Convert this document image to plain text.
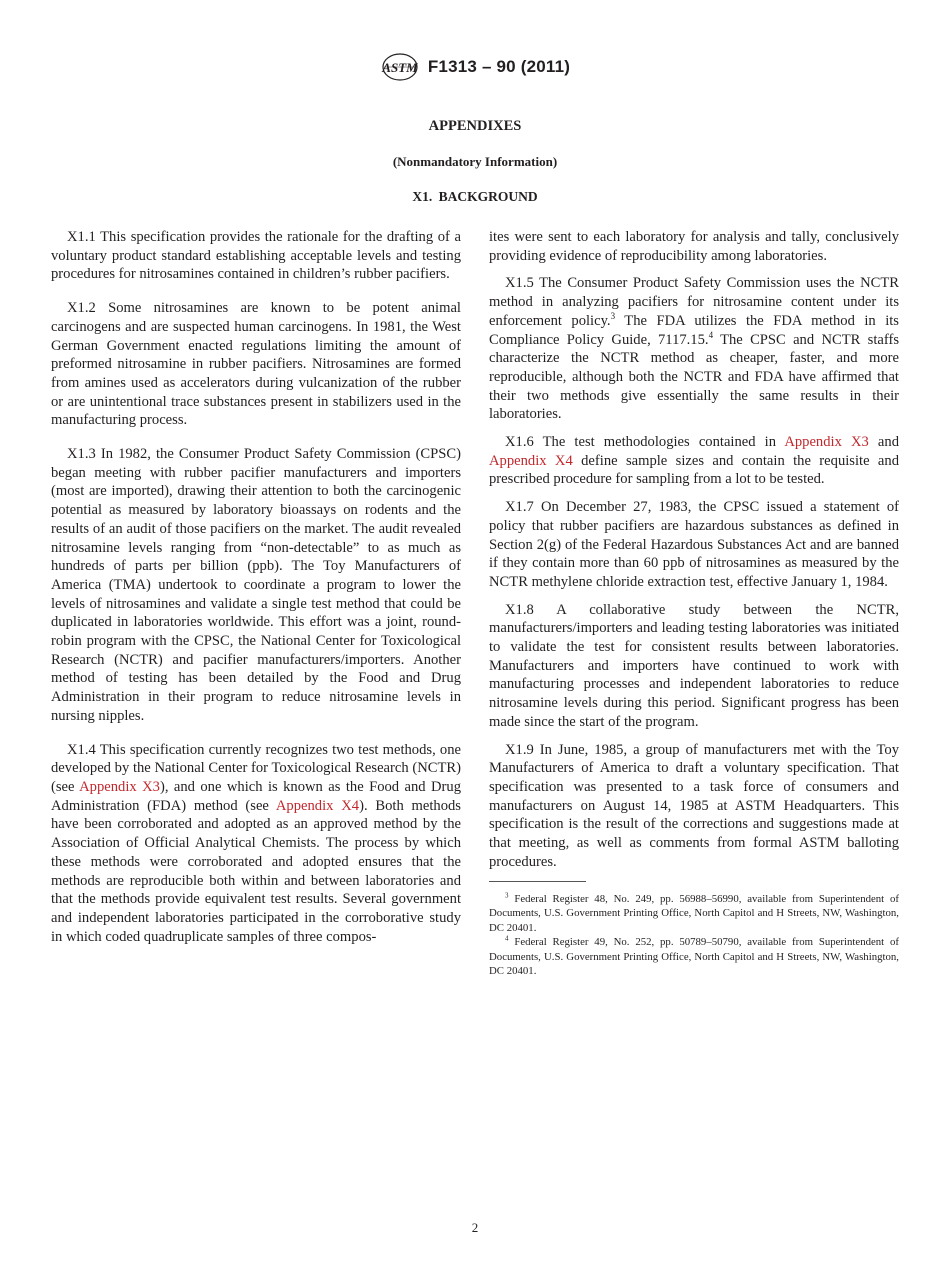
ASTM F1313 – 90 (2011)
APPENDIXES
(Nonmandatory Information)
X1. BACKGROUND

X1.1 This specification provides the rationale for the drafting of a voluntary product standard establishing acceptable levels and testing procedures for nitrosamines contained in children’s rubber pacifiers.

X1.2 Some nitrosamines are known to be potent animal carcinogens and are suspected human carcinogens. In 1981, the West German Government enacted regulations limiting the amount of preformed nitrosamine in rubber pacifiers. Nitrosamines are formed from amines used as accelerators during vulcanization of the rubber or are unintentional trace substances present in stabilizers used in the manufacturing process.

X1.3 In 1982, the Consumer Product Safety Commission (CPSC) began meeting with rubber pacifier manufacturers and importers (most are imported), drawing their attention to both the carcinogenic potential as measured by laboratory bioassays on rodents and the results of an audit of those pacifiers on the market. The audit revealed nitrosamine levels ranging from “non-detectable” to as much as hundreds of parts per billion (ppb). The Toy Manufacturers of America (TMA) undertook to coordinate a program to lower the levels of nitrosamines and validate a single test method that could be duplicated in laboratories worldwide. This effort was a joint, round-robin program with the CPSC, the National Center for Toxicological Research (NCTR) and pacifier manufacturers/importers. Another method of testing has been detailed by the Food and Drug Administration in their program to reduce nitrosamine levels in nursing nipples.

X1.4 This specification currently recognizes two test methods, one developed by the National Center for Toxicological Research (NCTR) (see Appendix X3), and one which is known as the Food and Drug Administration (FDA) method (see Appendix X4). Both methods have been corroborated and adopted as an approved method by the Association of Official Analytical Chemists. The process by which these methods were corroborated and adopted ensures that the methods are reproducible both within and between laboratories and that the methods provide equivalent test results. Several government and independent laboratories participated in the corroborative study in which coded quadruplicate samples of three compos-

ites were sent to each laboratory for analysis and tally, conclusively providing evidence of reproducibility among laboratories.

X1.5 The Consumer Product Safety Commission uses the NCTR method in analyzing pacifiers for nitrosamine content under its enforcement policy.$^3$ The FDA utilizes the FDA method in its Compliance Policy Guide, 7117.15.$^4$ The CPSC and NCTR staffs characterize the NCTR method as cheaper, faster, and more reproducible, although both the NCTR and FDA have affirmed that their two methods give essentially the same results in their laboratories.

X1.6 The test methodologies contained in Appendix X3 and Appendix X4 define sample sizes and contain the requisite and prescribed procedure for sampling from a lot to be tested.

X1.7 On December 27, 1983, the CPSC issued a statement of policy that rubber pacifiers are hazardous substances as defined in Section 2(g) of the Federal Hazardous Substances Act and are banned if they contain more than 60 ppb of nitrosamines as measured by the NCTR methylene chloride extraction test, effective January 1, 1984.

X1.8 A collaborative study between the NCTR, manufacturers/importers and leading testing laboratories was initiated to validate the test for consistent results between laboratories. Manufacturers and importers have continued to work with manufacturing processes and independent laboratories to reduce nitrosamine levels during this period. Significant progress has been made since the start of the program.

X1.9 In June, 1985, a group of manufacturers met with the Toy Manufacturers of America to draft a voluntary specification. That specification was presented to a task force of consumers and manufacturers on August 14, 1985 at ASTM Headquarters. This specification is the result of the corrections and suggestions made at that meeting, as well as comments from formal ASTM balloting procedures.

$^3$ Federal Register 48, No. 249, pp. 56988–56990, available from Superintendent of Documents, U.S. Government Printing Office, North Capitol and H Streets, NW, Washington, DC 20401.

$^4$ Federal Register 49, No. 252, pp. 50789–50790, available from Superintendent of Documents, U.S. Government Printing Office, North Capitol and H Streets, NW, Washington, DC 20401.

2
